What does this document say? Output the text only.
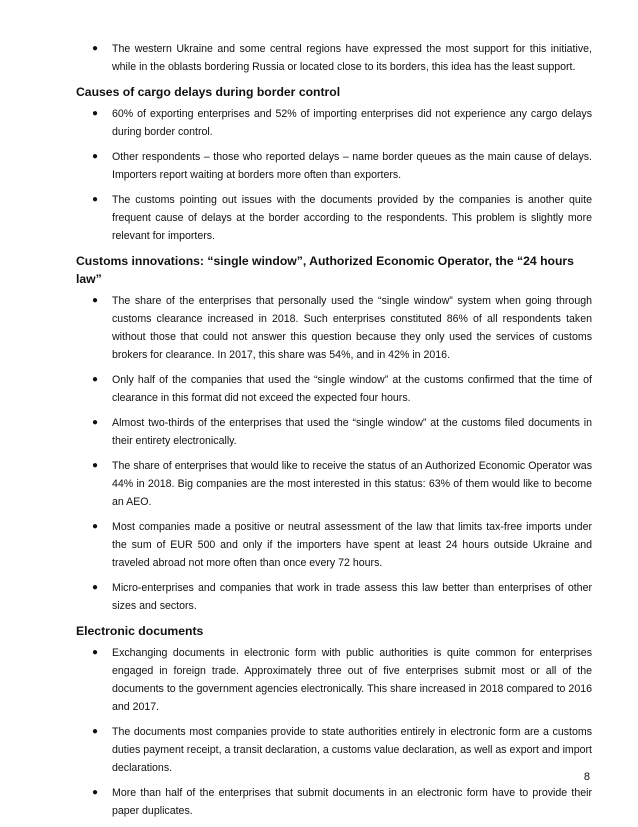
● The western Ukraine and some central regions have expressed the most support for this initiative, while in the oblasts bordering Russia or located close to its borders, this idea has the least support.
Causes of cargo delays during border control
● 60% of exporting enterprises and 52% of importing enterprises did not experience any cargo delays during border control.
● Other respondents – those who reported delays – name border queues as the main cause of delays. Importers report waiting at borders more often than exporters.
● The customs pointing out issues with the documents provided by the companies is another quite frequent cause of delays at the border according to the respondents. This problem is slightly more relevant for importers.
Customs innovations: “single window”, Authorized Economic Operator, the “24 hours law”
● The share of the enterprises that personally used the “single window” system when going through customs clearance increased in 2018. Such enterprises constituted 86% of all respondents taken without those that could not answer this question because they only used the services of customs brokers for clearance. In 2017, this share was 54%, and in 42% in 2016.
● Only half of the companies that used the “single window” at the customs confirmed that the time of clearance in this format did not exceed the expected four hours.
● Almost two-thirds of the enterprises that used the “single window” at the customs filed documents in their entirety electronically.
● The share of enterprises that would like to receive the status of an Authorized Economic Operator was 44% in 2018. Big companies are the most interested in this status: 63% of them would like to become an AEO.
● Most companies made a positive or neutral assessment of the law that limits tax-free imports under the sum of EUR 500 and only if the importers have spent at least 24 hours outside Ukraine and traveled abroad not more often than once every 72 hours.
● Micro-enterprises and companies that work in trade assess this law better than enterprises of other sizes and sectors.
Electronic documents
● Exchanging documents in electronic form with public authorities is quite common for enterprises engaged in foreign trade. Approximately three out of five enterprises submit most or all of the documents to the government agencies electronically. This share increased in 2018 compared to 2016 and 2017.
● The documents most companies provide to state authorities entirely in electronic form are a customs duties payment receipt, a transit declaration, a customs value declaration, as well as export and import declarations.
● More than half of the enterprises that submit documents in an electronic form have to provide their paper duplicates.
8
